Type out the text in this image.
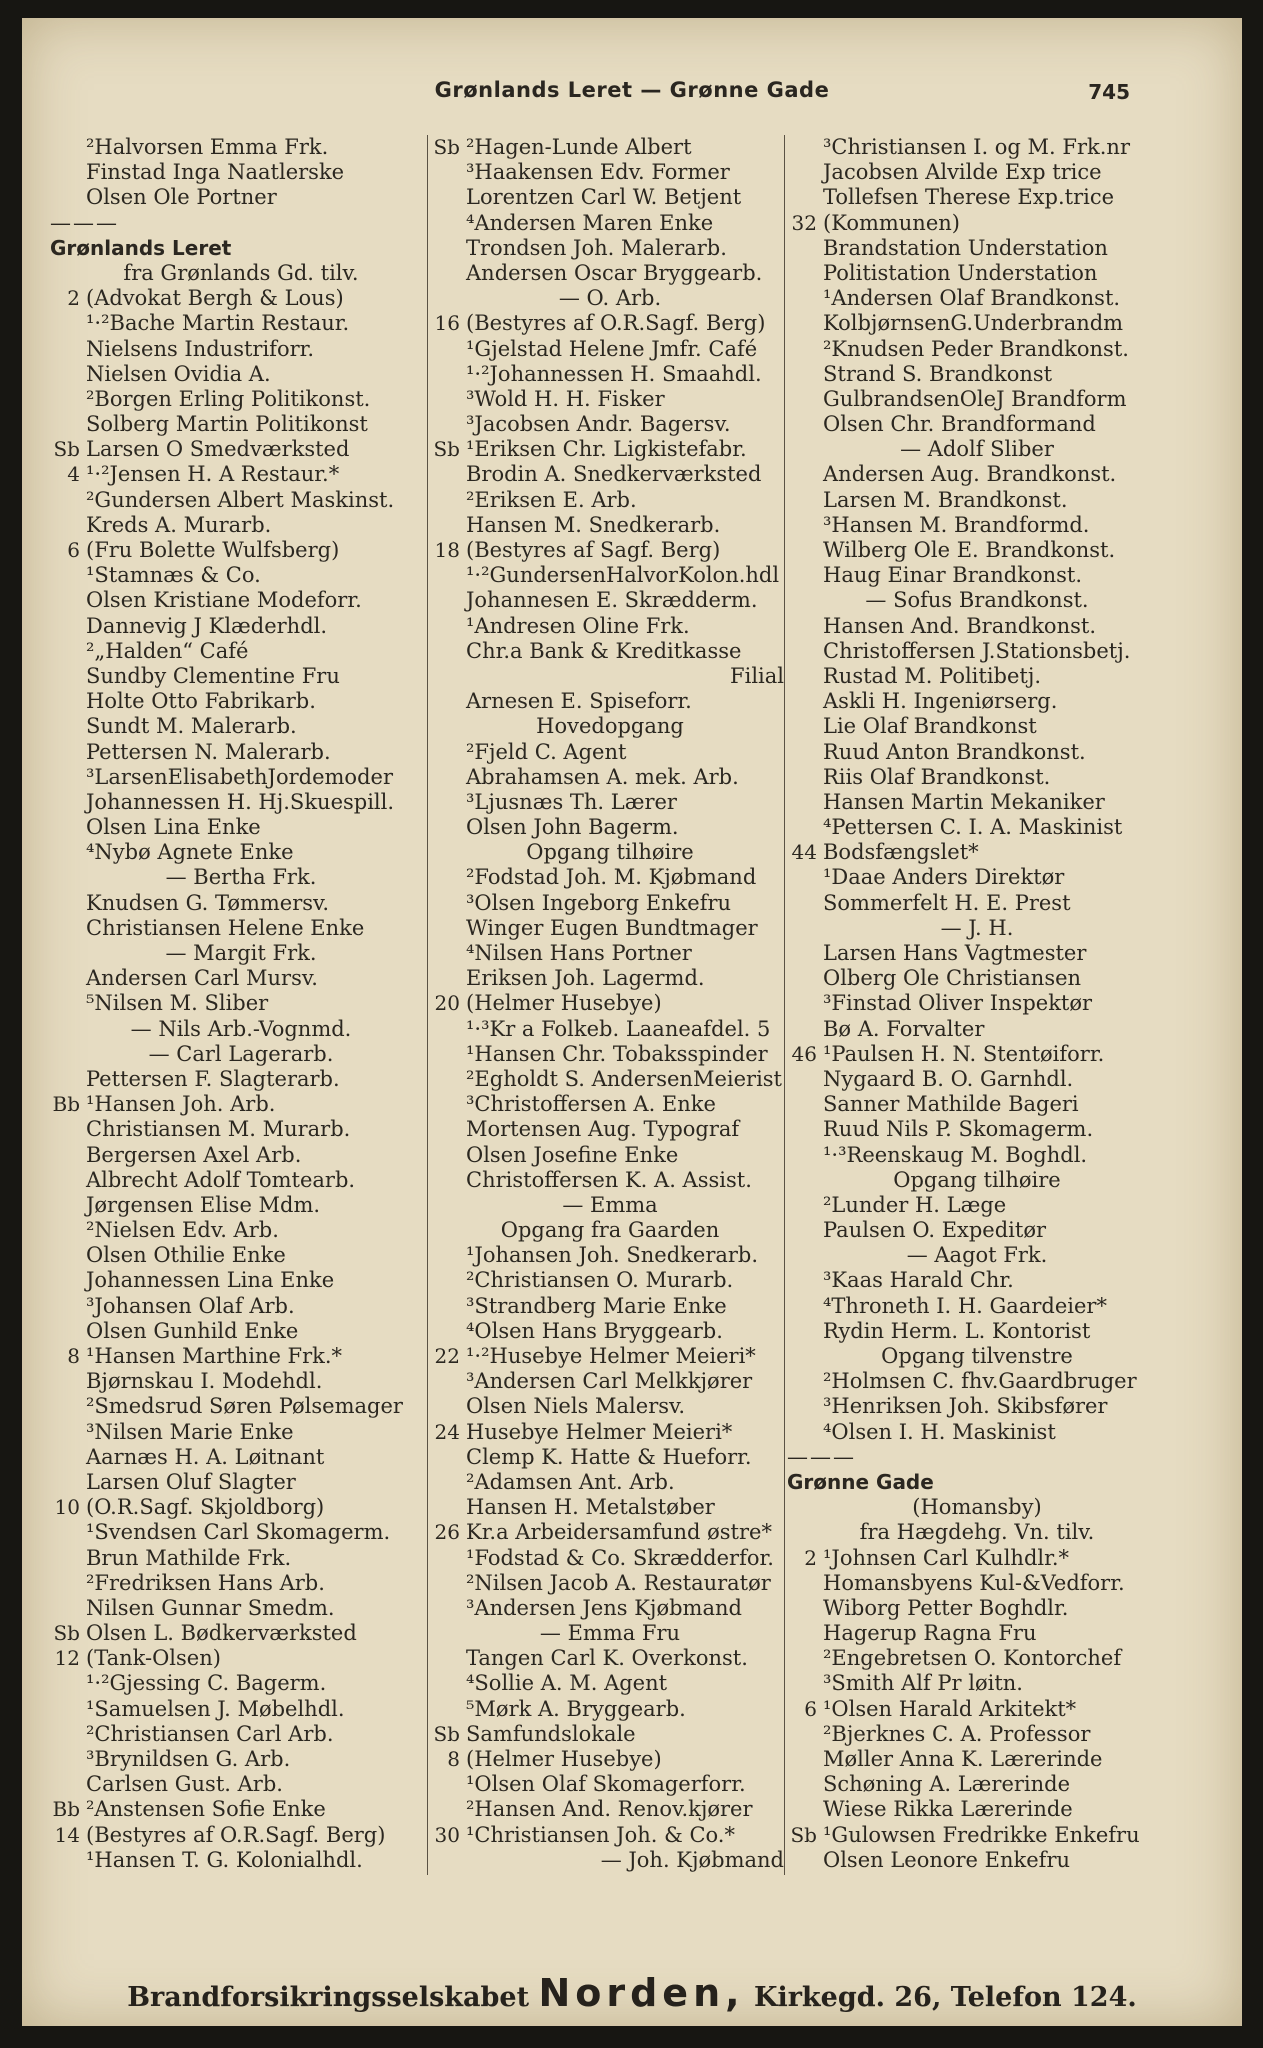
Grønlands Leret — Grønne Gade	745
²Halvorsen Emma Frk.
Finstad Inga Naatlerske
Olsen Ole Portner
———
Grønlands Leret
fra Grønlands Gd. tilv.
2 (Advokat Bergh & Lous)
¹·²Bache Martin Restaur.
Nielsens Industriforr.
Nielsen Ovidia A.
²Borgen Erling Politikonst.
Solberg Martin Politikonst
Sb Larsen O Smedværksted
4 ¹·²Jensen H. A Restaur.*
²Gundersen Albert Maskinst.
Kreds A. Murarb.
6 (Fru Bolette Wulfsberg)
¹Stamnæs & Co.
Olsen Kristiane Modeforr.
Dannevig J Klæderhdl.
²„Halden“ Café
Sundby Clementine Fru
Holte Otto Fabrikarb.
Sundt M. Malerarb.
Pettersen N. Malerarb.
³LarsenElisabethJordemoder
Johannessen H. Hj.Skuespill.
Olsen Lina Enke
⁴Nybø Agnete Enke
— Bertha Frk.
Knudsen G. Tømmersv.
Christiansen Helene Enke
— Margit Frk.
Andersen Carl Mursv.
⁵Nilsen M. Sliber
— Nils Arb.-Vognmd.
— Carl Lagerarb.
Pettersen F. Slagterarb.
Bb ¹Hansen Joh. Arb.
Christiansen M. Murarb.
Bergersen Axel Arb.
Albrecht Adolf Tomtearb.
Jørgensen Elise Mdm.
²Nielsen Edv. Arb.
Olsen Othilie Enke
Johannessen Lina Enke
³Johansen Olaf Arb.
Olsen Gunhild Enke
8 ¹Hansen Marthine Frk.*
Bjørnskau I. Modehdl.
²Smedsrud Søren Pølsemager
³Nilsen Marie Enke
Aarnæs H. A. Løitnant
Larsen Oluf Slagter
10 (O.R.Sagf. Skjoldborg)
¹Svendsen Carl Skomagerm.
Brun Mathilde Frk.
²Fredriksen Hans Arb.
Nilsen Gunnar Smedm.
Sb Olsen L. Bødkerværksted
12 (Tank-Olsen)
¹·²Gjessing C. Bagerm.
¹Samuelsen J. Møbelhdl.
²Christiansen Carl Arb.
³Bryni​ldsen G. Arb.
Carlsen Gust. Arb.
Bb ²Anstensen Sofie Enke
14 (Bestyres af O.R.Sagf. Berg)
¹Hansen T. G. Kolonialhdl.
Sb ²Hagen-Lunde Albert
³Haakensen Edv. Former
Lorentzen Carl W. Betjent
⁴Andersen Maren Enke
Trondsen Joh. Malerarb.
Andersen Oscar Bryggearb.
— O. Arb.
16 (Bestyres af O.R.Sagf. Berg)
¹Gjelstad Helene Jmfr. Café
¹·²Johannessen H. Smaahdl.
³Wold H. H. Fisker
³Jacobsen Andr. Bagersv.
Sb ¹Eriksen Chr. Ligkistefabr.
Brodin A. Snedkerværksted
²Eriksen E. Arb.
Hansen M. Snedkerarb.
18 (Bestyres af Sagf. Berg)
¹·²GundersenHalvorKolon.hdl
Johannesen E. Skrædderm.
¹Andresen Oline Frk.
Chr.a Bank & Kreditkasse
Filial
Arnesen E. Spiseforr.
Hovedopgang
²Fjeld C. Agent
Abrahamsen A. mek. Arb.
³Ljusnæs Th. Lærer
Olsen John Bagerm.
Opgang tilhøire
²Fodstad Joh. M. Kjøbmand
³Olsen Ingeborg Enkefru
Winger Eugen Bundtmager
⁴Nilsen Hans Portner
Eriksen Joh. Lagermd.
20 (Helmer Husebye)
¹·³Kr a Folkeb. Laaneafdel. 5
¹Hansen Chr. Tobaksspinder
²Egholdt S. AndersenMeierist
³Christoffersen A. Enke
Mortensen Aug. Typograf
Olsen Josefine Enke
Christoffersen K. A. Assist.
— Emma
Opgang fra Gaarden
¹Johansen Joh. Snedkerarb.
²Christiansen O. Murarb.
³Strandberg Marie Enke
⁴Olsen Hans Bryggearb.
22 ¹·²Husebye Helmer Meieri*
³Andersen Carl Melkkjører
Olsen Niels Malersv.
24 Husebye Helmer Meieri*
Clemp K. Hatte & Hueforr.
²Adamsen Ant. Arb.
Hansen H. Metalstøber
26 Kr.a Arbeidersamfund østre*
¹Fodstad & Co. Skrædderfor.
²Nilsen Jacob A. Restauratør
³Andersen Jens Kjøbmand
— Emma Fru
Tangen Carl K. Overkonst.
⁴Sollie A. M. Agent
⁵Mørk A. Bryggearb.
Sb Samfundslokale
8 (Helmer Husebye)
¹Olsen Olaf Skomagerforr.
²Hansen And. Renov.kjører
30 ¹Christiansen Joh. & Co.*
— Joh. Kjøbmand
³Christiansen I. og M. Frk.nr
Jacobsen Alvilde Exp trice
Tollefsen Therese Exp.trice
32 (Kommunen)
Brandstation Understation
Politistation Understation
¹Andersen Olaf Brandkonst.
KolbjørnsenG.Underbrandm
²Knudsen Peder Brandkonst.
Strand S. Brandkonst
GulbrandsenOleJ Brandform
Olsen Chr. Brandformand
— Adolf Sliber
Andersen Aug. Brandkonst.
Larsen M. Brandkonst.
³Hansen M. Brandformd.
Wilberg Ole E. Brandkonst.
Haug Einar Brandkonst.
— Sofus Brandkonst.
Hansen And. Brandkonst.
Christoffersen J.Stationsbetj.
Rustad M. Politibetj.
Askli H. Ingeniørserg.
Lie Olaf Brandkonst
Ruud Anton Brandkonst.
Riis Olaf Brandkonst.
Hansen Martin Mekaniker
⁴Pettersen C. I. A. Maskinist
44 Bodsfængslet*
¹Daae Anders Direktør
Sommerfelt H. E. Prest
— J. H.
Larsen Hans Vagtmester
Olberg Ole Christiansen
³Finstad Oliver Inspektør
Bø A. Forvalter
46 ¹Paulsen H. N. Stentøiforr.
Nygaard B. O. Garnhdl.
Sanner Mathilde Bageri
Ruud Nils P. Skomagerm.
¹·³Reenskaug M. Boghdl.
Opgang tilhøire
²Lunder H. Læge
Paulsen O. Expeditør
— Aagot Frk.
³Kaas Harald Chr.
⁴Throneth I. H. Gaardeier*
Rydin Herm. L. Kontorist
Opgang tilvenstre
²Holmsen C. fhv.Gaardbruger
³Henriksen Joh. Skibsfører
⁴Olsen I. H. Maskinist
———
Grønne Gade
(Homansby)
fra Hægdehg. Vn. tilv.
2 ¹Johnsen Carl Kulhdlr.*
Homansbyens Kul-&Vedforr.
Wiborg Petter Boghdlr.
Hagerup Ragna Fru
²Engebretsen O. Kontorchef
³Smith Alf Pr løitn.
6 ¹Olsen Harald Arkitekt*
²Bjerknes C. A. Professor
Møller Anna K. Lærerinde
Schøning A. Lærerinde
Wiese Rikka Lærerinde
Sb ¹Gulowsen Fredrikke Enkefru
Olsen Leonore Enkefru
Brandforsikringsselskabet Norden, Kirkegd. 26, Telefon 124.
